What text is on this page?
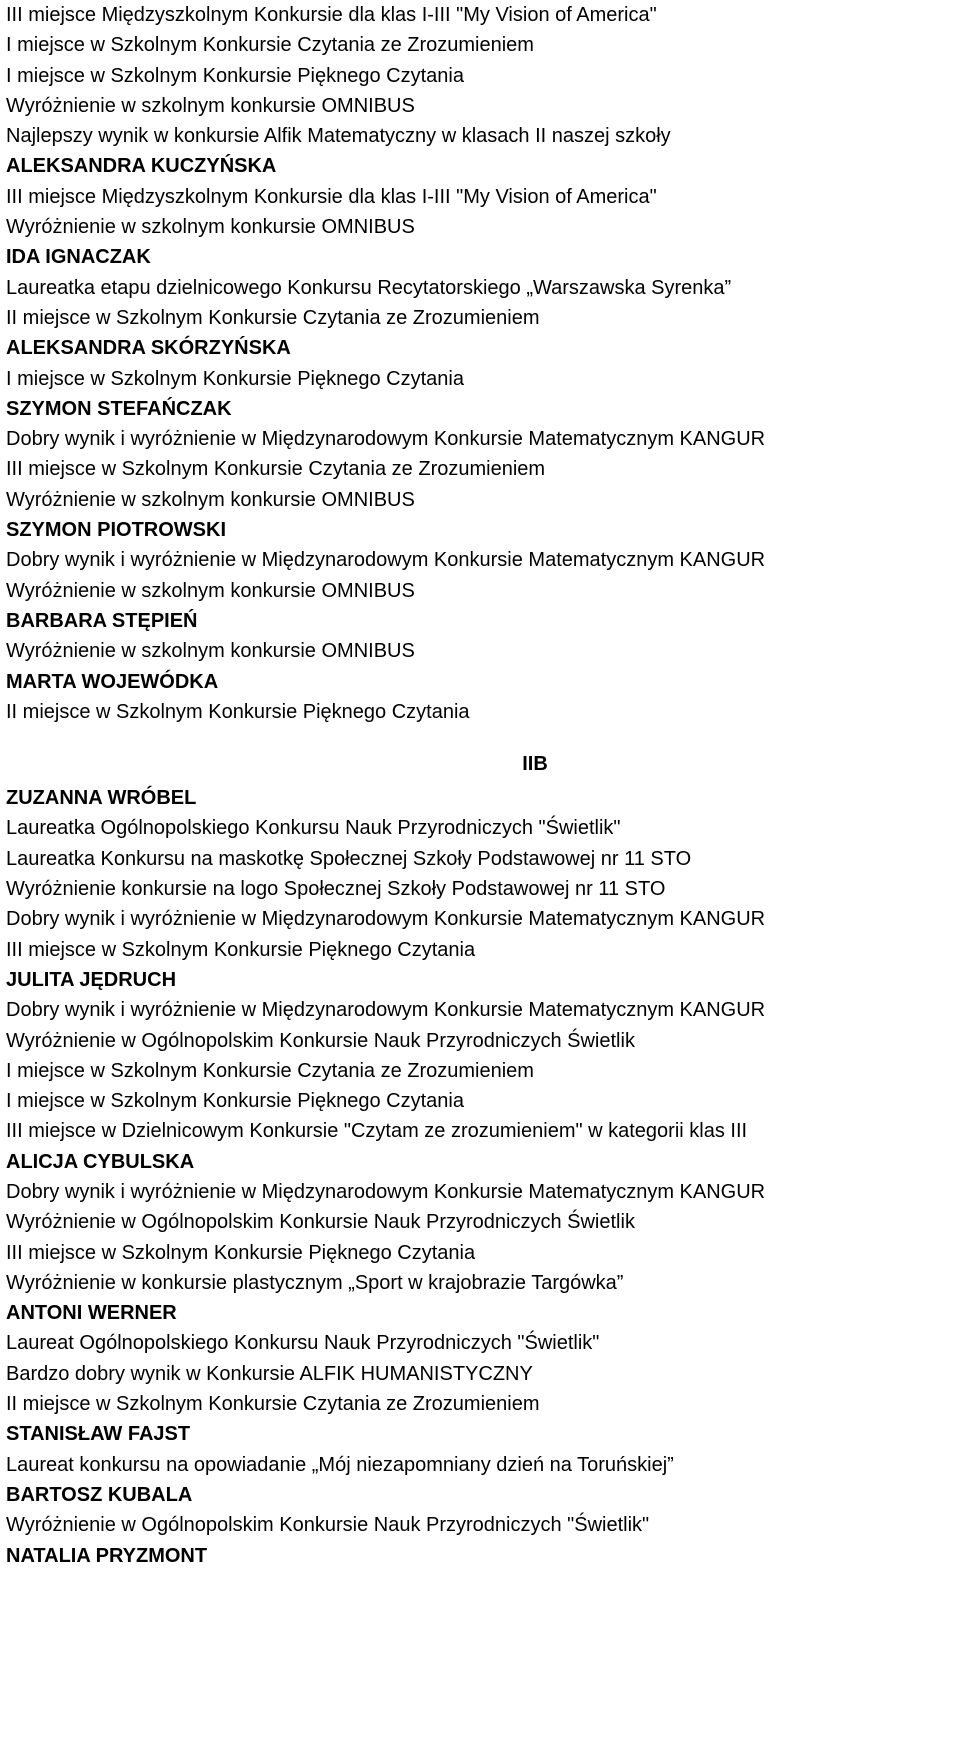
III miejsce Międzyszkolnym Konkursie dla klas I-III "My Vision of America"
I miejsce w Szkolnym Konkursie Czytania ze Zrozumieniem
I miejsce w Szkolnym Konkursie Pięknego Czytania
Wyróżnienie w szkolnym konkursie OMNIBUS
Najlepszy wynik w konkursie Alfik Matematyczny w klasach II naszej szkoły
ALEKSANDRA KUCZYŃSKA
III miejsce Międzyszkolnym Konkursie dla klas I-III "My Vision of America"
Wyróżnienie w szkolnym konkursie OMNIBUS
IDA IGNACZAK
Laureatka etapu dzielnicowego Konkursu Recytatorskiego „Warszawska Syrenka”
II miejsce w Szkolnym Konkursie Czytania ze Zrozumieniem
ALEKSANDRA SKÓRZYŃSKA
I miejsce w Szkolnym Konkursie Pięknego Czytania
SZYMON STEFAŃCZAK
Dobry wynik i wyróżnienie w Międzynarodowym Konkursie Matematycznym KANGUR
III miejsce w Szkolnym Konkursie Czytania ze Zrozumieniem
Wyróżnienie w szkolnym konkursie OMNIBUS
SZYMON PIOTROWSKI
Dobry wynik i wyróżnienie w Międzynarodowym Konkursie Matematycznym KANGUR
Wyróżnienie w szkolnym konkursie OMNIBUS
BARBARA STĘPIEŃ
Wyróżnienie w szkolnym konkursie OMNIBUS
MARTA WOJEWÓDKA
II miejsce w Szkolnym Konkursie Pięknego Czytania
IIB
ZUZANNA WRÓBEL
Laureatka Ogólnopolskiego Konkursu Nauk Przyrodniczych "Świetlik"
Laureatka Konkursu na maskotkę Społecznej Szkoły Podstawowej nr 11 STO
Wyróżnienie konkursie na logo Społecznej Szkoły Podstawowej nr 11 STO
Dobry wynik i wyróżnienie w Międzynarodowym Konkursie Matematycznym KANGUR
III miejsce w Szkolnym Konkursie Pięknego Czytania
JULITA JĘDRUCH
Dobry wynik i wyróżnienie w Międzynarodowym Konkursie Matematycznym KANGUR
Wyróżnienie w Ogólnopolskim Konkursie Nauk Przyrodniczych Świetlik
I miejsce w Szkolnym Konkursie Czytania ze Zrozumieniem
I miejsce w Szkolnym Konkursie Pięknego Czytania
III miejsce w Dzielnicowym Konkursie "Czytam ze zrozumieniem" w kategorii klas III
ALICJA CYBULSKA
Dobry wynik i wyróżnienie w Międzynarodowym Konkursie Matematycznym KANGUR
Wyróżnienie w Ogólnopolskim Konkursie Nauk Przyrodniczych Świetlik
III miejsce w Szkolnym Konkursie Pięknego Czytania
Wyróżnienie w konkursie plastycznym „Sport w krajobrazie Targówka”
ANTONI WERNER
Laureat Ogólnopolskiego Konkursu Nauk Przyrodniczych "Świetlik"
Bardzo dobry wynik w Konkursie ALFIK HUMANISTYCZNY
II miejsce w Szkolnym Konkursie Czytania ze Zrozumieniem
STANISŁAW FAJST
Laureat konkursu na opowiadanie „Mój niezapomniany dzień na Toruńskiej”
BARTOSZ KUBALA
Wyróżnienie w Ogólnopolskim Konkursie Nauk Przyrodniczych "Świetlik"
NATALIA PRYZMONT
